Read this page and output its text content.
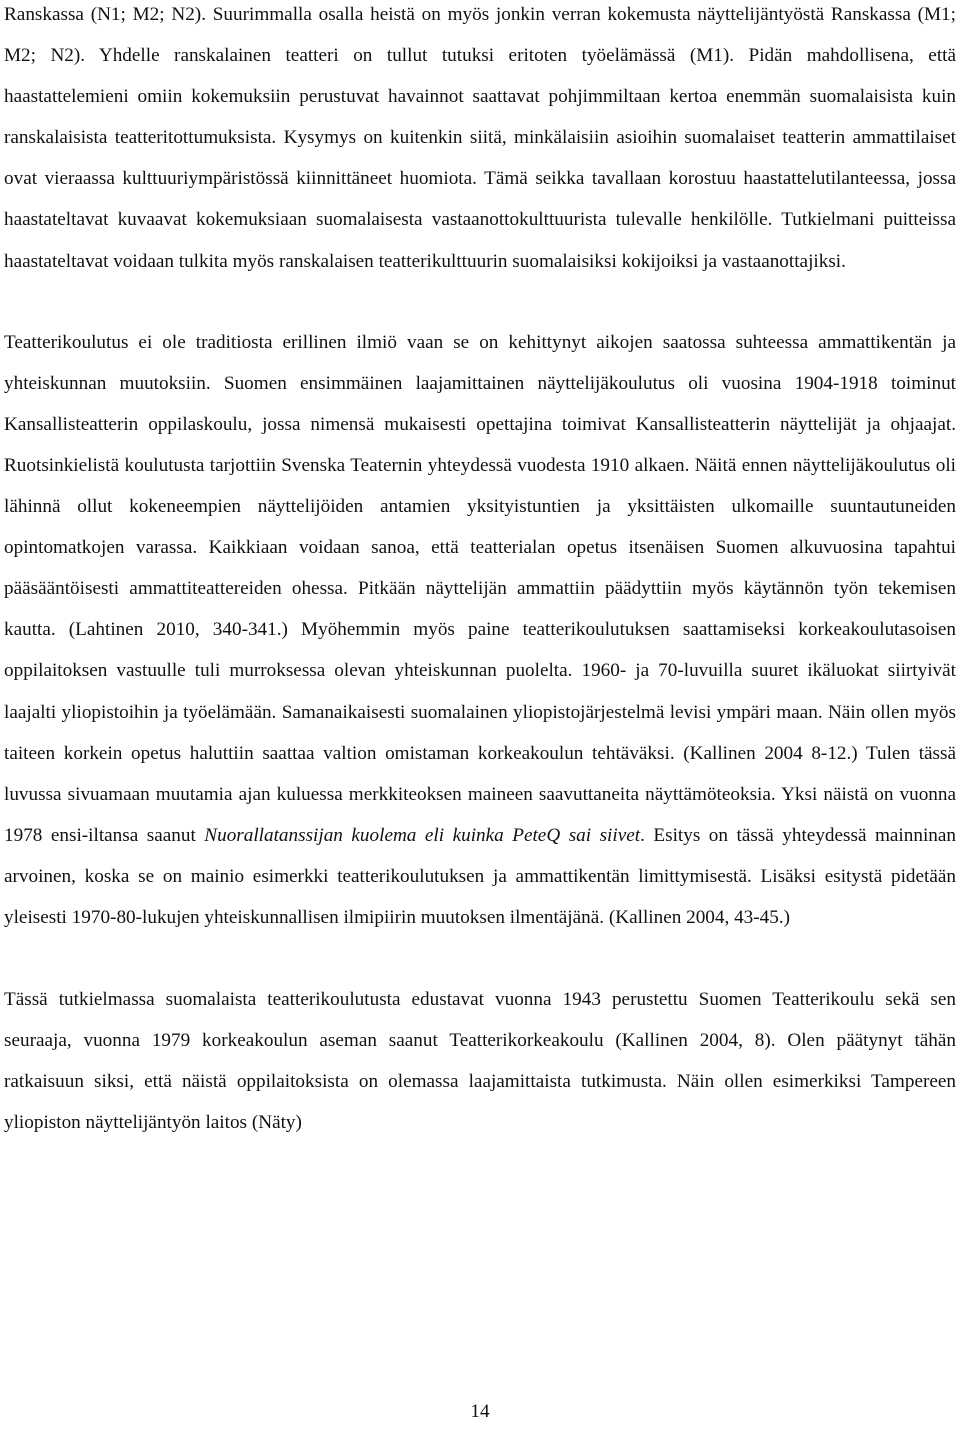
Ranskassa (N1; M2; N2). Suurimmalla osalla heistä on myös jonkin verran kokemusta näyttelijäntyöstä Ranskassa (M1; M2; N2). Yhdelle ranskalainen teatteri on tullut tutuksi eritoten työelämässä (M1). Pidän mahdollisena, että haastattelemieni omiin kokemuksiin perustuvat havainnot saattavat pohjimmiltaan kertoa enemmän suomalaisista kuin ranskalaisista teatteritottumuksista. Kysymys on kuitenkin siitä, minkälaisiin asioihin suomalaiset teatterin ammattilaiset ovat vieraassa kulttuuriympäristössä kiinnittäneet huomiota. Tämä seikka tavallaan korostuu haastattelutilanteessa, jossa haastateltavat kuvaavat kokemuksiaan suomalaisesta vastaanottokulttuurista tulevalle henkilölle. Tutkielmani puitteissa haastateltavat voidaan tulkita myös ranskalaisen teatterikulttuurin suomalaisiksi kokijoiksi ja vastaanottajiksi.

Teatterikoulutus ei ole traditiosta erillinen ilmiö vaan se on kehittynyt aikojen saatossa suhteessa ammattikentän ja yhteiskunnan muutoksiin. Suomen ensimmäinen laajamittainen näyttelijäkoulutus oli vuosina 1904-1918 toiminut Kansallisteatterin oppilaskoulu, jossa nimensä mukaisesti opettajina toimivat Kansallisteatterin näyttelijät ja ohjaajat. Ruotsinkielistä koulutusta tarjottiin Svenska Teaternin yhteydessä vuodesta 1910 alkaen. Näitä ennen näyttelijäkoulutus oli lähinnä ollut kokeneempien näyttelijöiden antamien yksityistuntien ja yksittäisten ulkomaille suuntautuneiden opintomatkojen varassa. Kaikkiaan voidaan sanoa, että teatterialan opetus itsenäisen Suomen alkuvuosina tapahtui pääsääntöisesti ammattiteattereiden ohessa. Pitkään näyttelijän ammattiin päädyttiin myös käytännön työn tekemisen kautta. (Lahtinen 2010, 340-341.) Myöhemmin myös paine teatterikoulutuksen saattamiseksi korkeakoulutasoisen oppilaitoksen vastuulle tuli murroksessa olevan yhteiskunnan puolelta. 1960- ja 70-luvuilla suuret ikäluokat siirtyivät laajalti yliopistoihin ja työelämään. Samanaikaisesti suomalainen yliopistojärjestelmä levisi ympäri maan. Näin ollen myös taiteen korkein opetus haluttiin saattaa valtion omistaman korkeakoulun tehtäväksi. (Kallinen 2004 8-12.) Tulen tässä luvussa sivuamaan muutamia ajan kuluessa merkkiteoksen maineen saavuttaneita näyttämöteoksia. Yksi näistä on vuonna 1978 ensi-iltansa saanut Nuorallatanssijan kuolema eli kuinka PeteQ sai siivet. Esitys on tässä yhteydessä mainninan arvoinen, koska se on mainio esimerkki teatterikoulutuksen ja ammattikentän limittymisestä. Lisäksi esitystä pidetään yleisesti 1970-80-lukujen yhteiskunnallisen ilmipiirin muutoksen ilmentäjänä. (Kallinen 2004, 43-45.)

Tässä tutkielmassa suomalaista teatterikoulutusta edustavat vuonna 1943 perustettu Suomen Teatterikoulu sekä sen seuraaja, vuonna 1979 korkeakoulun aseman saanut Teatterikorkeakoulu (Kallinen 2004, 8). Olen päätynyt tähän ratkaisuun siksi, että näistä oppilaitoksista on olemassa laajamittaista tutkimusta. Näin ollen esimerkiksi Tampereen yliopiston näyttelijäntyön laitos (Näty)

14
